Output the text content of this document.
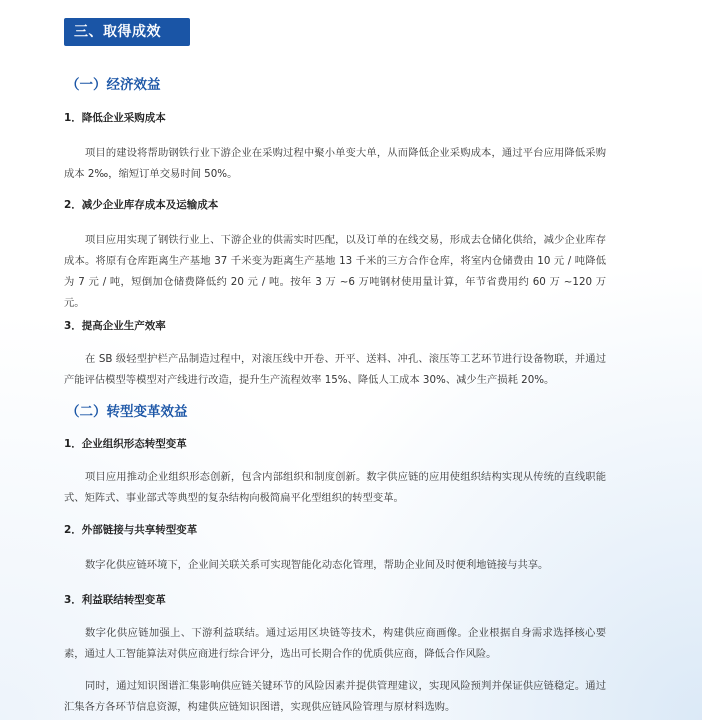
三、取得成效
（一）经济效益
1．降低企业采购成本
项目的建设将帮助钢铁行业下游企业在采购过程中聚小单变大单，从而降低企业采购成本，通过平台应用降低采购成本 2‰，缩短订单交易时间 50%。
2．减少企业库存成本及运输成本
项目应用实现了钢铁行业上、下游企业的供需实时匹配，以及订单的在线交易，形成去仓储化供给，减少企业库存成本。将原有仓库距离生产基地 37 千米变为距离生产基地 13 千米的三方合作仓库，将室内仓储费由 10 元 / 吨降低为 7 元 / 吨，短倒加仓储费降低约 20 元 / 吨。按年 3 万 ~6 万吨钢材使用量计算，年节省费用约 60 万 ~120 万元。
3．提高企业生产效率
在 SB 级轻型护栏产品制造过程中，对滚压线中开卷、开平、送料、冲孔、滚压等工艺环节进行设备物联，并通过产能评估模型等模型对产线进行改造，提升生产流程效率 15%、降低人工成本 30%、减少生产损耗 20%。
（二）转型变革效益
1．企业组织形态转型变革
项目应用推动企业组织形态创新，包含内部组织和制度创新。数字供应链的应用使组织结构实现从传统的直线职能式、矩阵式、事业部式等典型的复杂结构向极简扁平化型组织的转型变革。
2．外部链接与共享转型变革
数字化供应链环境下，企业间关联关系可实现智能化动态化管理，帮助企业间及时便利地链接与共享。
3．利益联结转型变革
数字化供应链加强上、下游利益联结。通过运用区块链等技术，构建供应商画像。企业根据自身需求选择核心要素，通过人工智能算法对供应商进行综合评分，选出可长期合作的优质供应商，降低合作风险。
同时，通过知识图谱汇集影响供应链关键环节的风险因素并提供管理建议，实现风险预判并保证供应链稳定。通过汇集各方各环节信息资源，构建供应链知识图谱，实现供应链风险管理与原材料选购。
